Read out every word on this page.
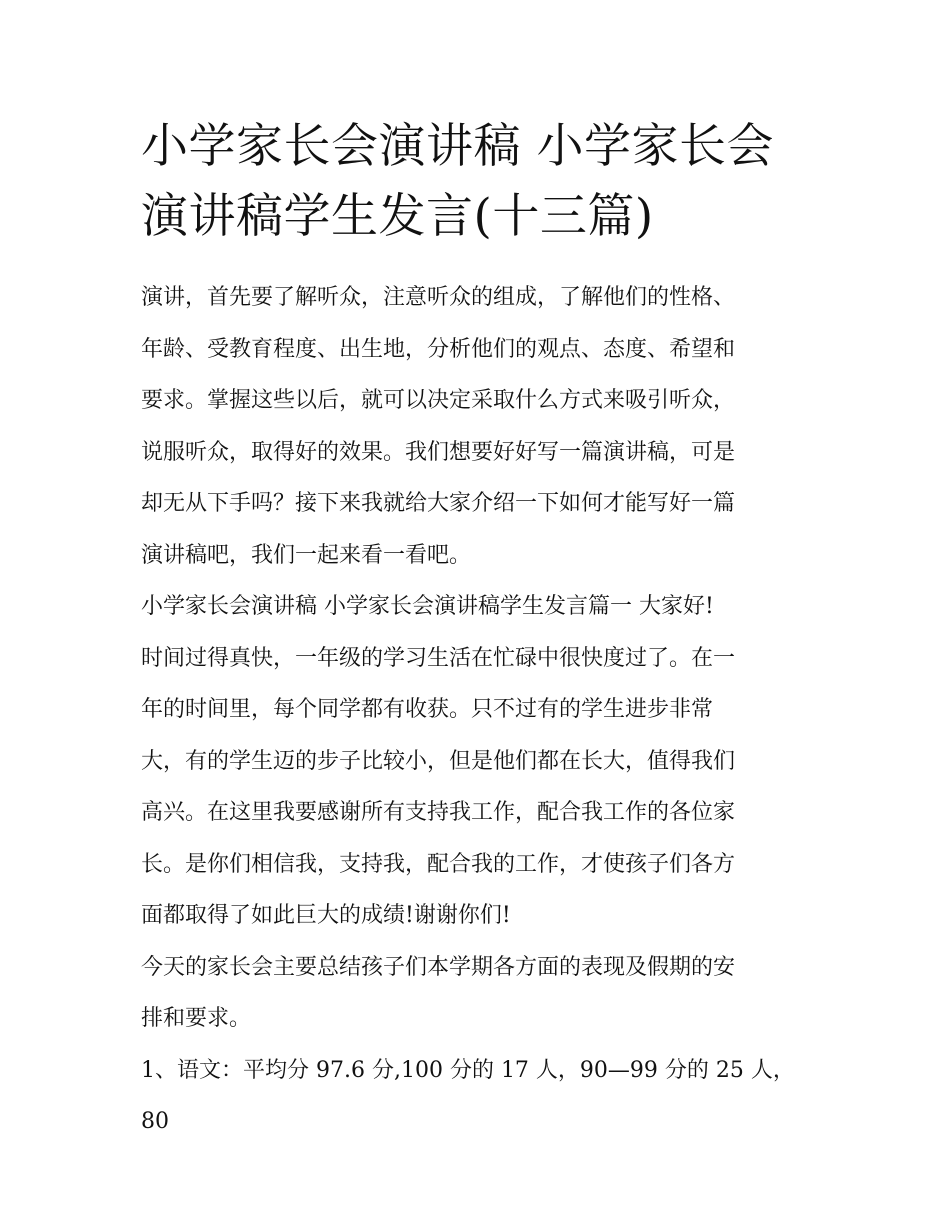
小学家长会演讲稿 小学家长会
演讲稿学生发言(十三篇)

演讲，首先要了解听众，注意听众的组成，了解他们的性格、
年龄、受教育程度、出生地，分析他们的观点、态度、希望和
要求。掌握这些以后，就可以决定采取什么方式来吸引听众，
说服听众，取得好的效果。我们想要好好写一篇演讲稿，可是
却无从下手吗？接下来我就给大家介绍一下如何才能写好一篇
演讲稿吧，我们一起来看一看吧。

小学家长会演讲稿 小学家长会演讲稿学生发言篇一 大家好!

时间过得真快，一年级的学习生活在忙碌中很快度过了。在一
年的时间里，每个同学都有收获。只不过有的学生进步非常
大，有的学生迈的步子比较小，但是他们都在长大，值得我们
高兴。在这里我要感谢所有支持我工作，配合我工作的各位家
长。是你们相信我，支持我，配合我的工作，才使孩子们各方
面都取得了如此巨大的成绩!谢谢你们!

今天的家长会主要总结孩子们本学期各方面的表现及假期的安
排和要求。

1、语文：平均分 97.6 分,100 分的 17 人，90—99 分的 25 人，80
